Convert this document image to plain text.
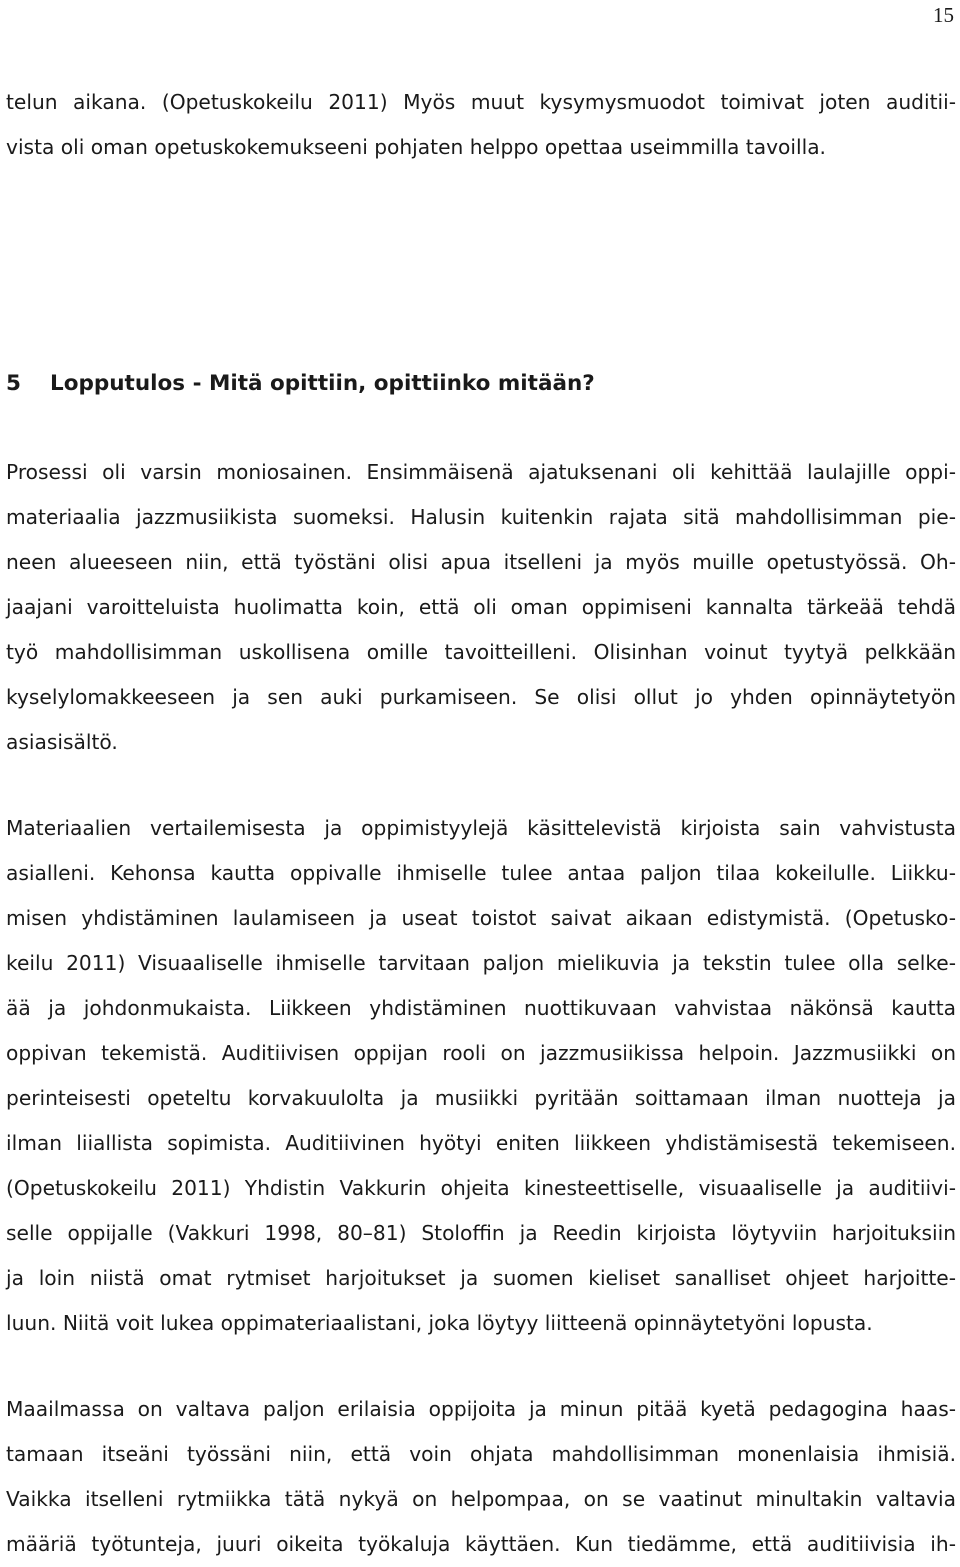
15
telun aikana. (Opetuskokeilu 2011) Myös muut kysymysmuodot toimivat joten auditii-
vista oli oman opetuskokemukseeni pohjaten helppo opettaa useimmilla tavoilla.
5 Lopputulos - Mitä opittiin, opittiinko mitään?
Prosessi oli varsin moniosainen. Ensimmäisenä ajatuksenani oli kehittää laulajille oppi-
materiaalia jazzmusiikista suomeksi. Halusin kuitenkin rajata sitä mahdollisimman pie-
neen alueeseen niin, että työstäni olisi apua itselleni ja myös muille opetustyössä. Oh-
jaajani varoitteluista huolimatta koin, että oli oman oppimiseni kannalta tärkeää tehdä
työ mahdollisimman uskollisena omille tavoitteilleni. Olisinhan voinut tyytyä pelkkään
kyselylomakkeeseen ja sen auki purkamiseen. Se olisi ollut jo yhden opinnäytetyön
asiasisältö.
Materiaalien vertailemisesta ja oppimistyylejä käsittelevistä kirjoista sain vahvistusta
asialleni. Kehonsa kautta oppivalle ihmiselle tulee antaa paljon tilaa kokeilulle. Liikku-
misen yhdistäminen laulamiseen ja useat toistot saivat aikaan edistymistä. (Opetusko-
keilu 2011) Visuaaliselle ihmiselle tarvitaan paljon mielikuvia ja tekstin tulee olla selke-
ää ja johdonmukaista. Liikkeen yhdistäminen nuottikuvaan vahvistaa näkönsä kautta
oppivan tekemistä. Auditiivisen oppijan rooli on jazzmusiikissa helpoin. Jazzmusiikki on
perinteisesti opeteltu korvakuulolta ja musiikki pyritään soittamaan ilman nuotteja ja
ilman liiallista sopimista. Auditiivinen hyötyi eniten liikkeen yhdistämisestä tekemiseen.
(Opetuskokeilu 2011) Yhdistin Vakkurin ohjeita kinesteettiselle, visuaaliselle ja auditiivi-
selle oppijalle (Vakkuri 1998, 80–81) Stoloffin ja Reedin kirjoista löytyviin harjoituksiin
ja loin niistä omat rytmiset harjoitukset ja suomen kieliset sanalliset ohjeet harjoitte-
luun. Niitä voit lukea oppimateriaalistani, joka löytyy liitteenä opinnäytetyöni lopusta.
Maailmassa on valtava paljon erilaisia oppijoita ja minun pitää kyetä pedagogina haas-
tamaan itseäni työssäni niin, että voin ohjata mahdollisimman monenlaisia ihmisiä.
Vaikka itselleni rytmiikka tätä nykyä on helpompaa, on se vaatinut minultakin valtavia
määriä työtunteja, juuri oikeita työkaluja käyttäen. Kun tiedämme, että auditiivisia ih-
